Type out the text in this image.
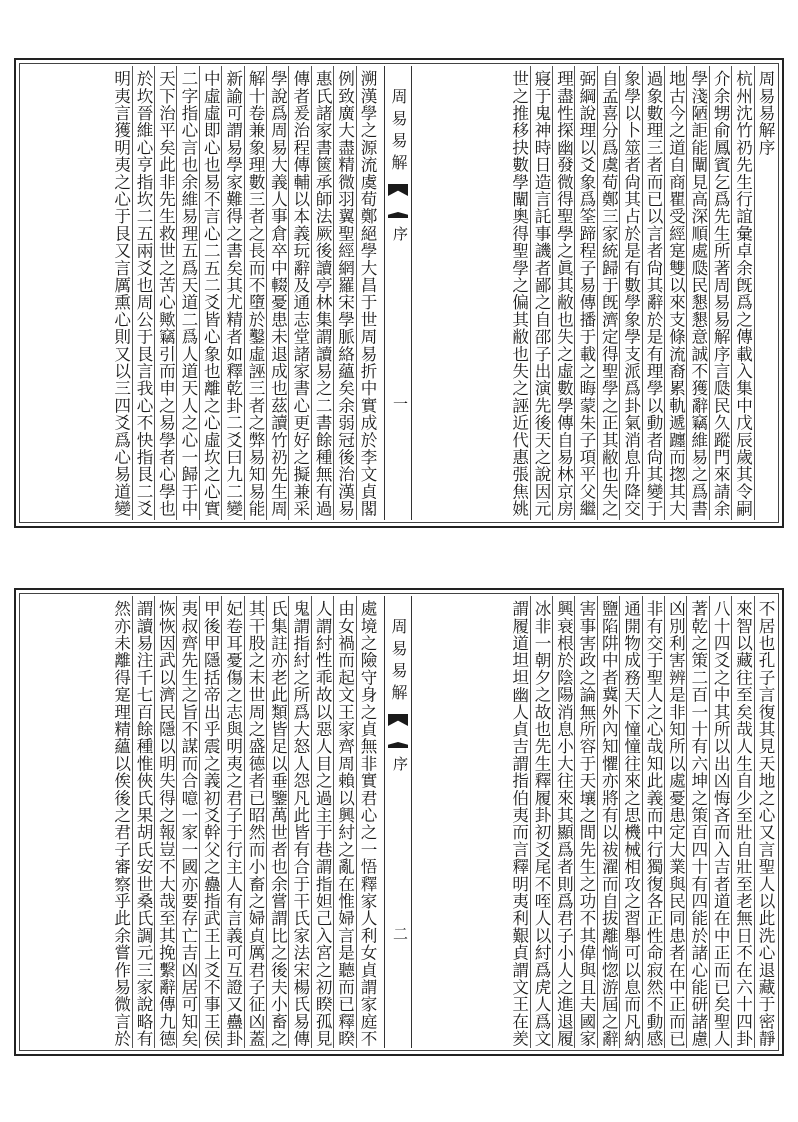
周易易解序
杭州沈竹礽先生行誼彙卓余旣爲之傳載入集中戊辰歲其令嗣
介余甥俞鳳賓乞爲先生所著周易易解序言瓞民久蹤門來請余
學淺陋詎能闡見高深順處瓞民懇懇意誠不獲辭竊維易之爲書
地古今之道自商瞿受經寔雙以來支條流裔累軌遞躔而揔其大
過象數理三者而已以言者尙其辭於是有理學以動者尙其變于
象學以卜筮者尙其占於是有數學象學支派爲卦氣消息升降交
自孟喜分爲虞荀鄭三家統歸于旣濟定得聖學之正其敝也失之
弼綱說理以爻象爲筌蹄程子易傳播于載之晦蒙朱子項平父繼
理盡性探幽發微得聖學之眞其敝也失之虛數學傳自易林京房
寢于鬼神時日造言託事譏者鄙之自邵子出演先後天之說因元
世之推移抉數學闡奧得聖學之偏其敝也失之誣近代惠張焦姚
周易易解
序
一
溯漢學之源流虞荀鄭絕學大昌于世周易折中實成於李文貞閣
例致廣大盡精微羽翼聖經網羅宋學脈絡蘊矣余弱冠後治漢易
惠氏諸家書篋承師法厥後讀亭林集謂讀易之二書餘種無有過
傳者爰治程傳輔以本義玩辭及通志堂諸家書心更好之擬兼采
學說爲周易大義人事倉卒中輟憂患未退成也茲讀竹礽先生周
解十卷兼象理數三者之長而不墮於鑿虛誣三者之弊易知易能
新諭可謂易學家難得之書矣其尤精者如釋乾卦二爻曰九二變
中虛虛即心也易不言心二五二爻皆心象也離之心虛坎之心實
二字指心言也余維易理五爲天道二爲人道天人之心一歸于中
天下治平矣此非先生救世之苦心歟竊引而申之易學者心學也
於坎晉維心亨指坎二五兩爻也周公于艮言我心不快指艮二爻
明夷言獲明夷之心于艮又言厲熏心則又以三四爻爲心易道變
不居也孔子言復其見天地之心又言聖人以此洗心退藏于密靜
來智以藏往至矣哉人生自少至壯自壯至老無日不在六十四卦
八十四爻之中其所以出凶悔吝而入吉者道在中正而已矣聖人
著乾之策二百一十有六坤之策百四十有四能於諸心能研諸慮
凶別利害辨是非知所以處憂患定大業與民同患者在中正而已
非有交于聖人之心哉知此義而中行獨復各正性命寂然不動感
通開物成務天下憧憧往來之思機械相攻之習舉可以息而凡納
鹽陷阱中者冀外內知懼亦將有以祓濯而自拔離惝惚游屆之辭
害事害政之論無所容于天壤之間先生之功不其偉與且夫國家
興衰根於陰陽消息小大往來其顯爲者則爲君子小人之進退履
冰非一朝夕之故也先生釋履卦初爻尾不咥人以紂爲虎人爲文
謂履道坦坦幽人貞吉謂指伯夷而言釋明夷利艱貞謂文王在羑
周易易解
序
二
處境之險守身之貞無非實君心之一悟釋家人利女貞謂家庭不
由女禍而起文王家齊周賴以興紂之亂在惟婦言是聽而已釋睽
人謂紂性乖故以惡人目之過主于巷謂指妲己入宮之初睽孤見
鬼謂指紂之所爲大怒人怨凡此皆有合于干氏家法宋楊氏易傳
氏集註亦老此類皆足以垂鑒萬世者也余嘗謂比之後夫小畜之
其干股之末世周之盛德者已昭然而小畜之婦貞厲君子征凶蓋
妃卷耳憂傷之志與明夷之君子于行主人有言義可互證又蠱卦
甲後甲隱括帝出乎震之義初爻幹父之蠱指武王上爻不事王侯
夷叔齊先生之旨不謀而合噫一家一國亦要存亡吉凶居可知矣
恢恢因武以濟民隱以明失得之報豈不大哉至其挽繫辭傳九德
謂讀易注千七百餘種惟俠氏果胡氏安世桑氏調元三家說略有
然亦未離得寔理精蘊以俟後之君子審察乎此余嘗作易微言於
